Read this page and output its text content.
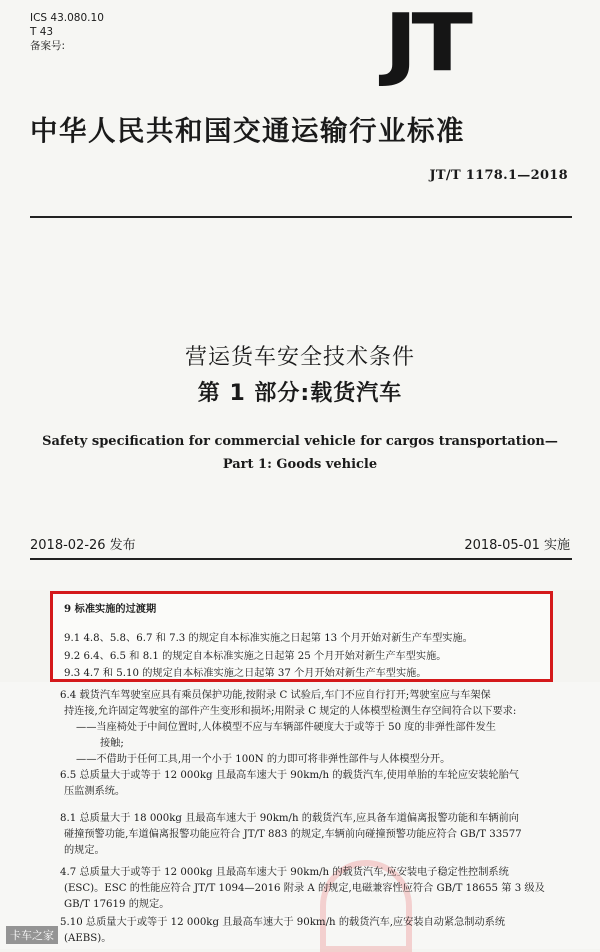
ICS 43.080.10
T 43
备案号:	JT
中华人民共和国交通运输行业标准
JT/T 1178.1—2018
营运货车安全技术条件
第 1 部分:载货汽车
Safety specification for commercial vehicle for cargos transportation—
Part 1: Goods vehicle
2018-02-26 发布	2018-05-01 实施
9 标准实施的过渡期
9.1 4.8、5.8、6.7 和 7.3 的规定自本标准实施之日起第 13 个月开始对新生产车型实施。
9.2 6.4、6.5 和 8.1 的规定自本标准实施之日起第 25 个月开始对新生产车型实施。
9.3 4.7 和 5.10 的规定自本标准实施之日起第 37 个月开始对新生产车型实施。
6.4 载货汽车驾驶室应具有乘员保护功能,按附录 C 试验后,车门不应自行打开;驾驶室应与车架保
持连接,允许固定驾驶室的部件产生变形和损坏;用附录 C 规定的人体模型检测生存空间符合以下要求:
——当座椅处于中间位置时,人体模型不应与车辆部件硬度大于或等于 50 度的非弹性部件发生
接触;
——不借助于任何工具,用一个小于 100N 的力即可将非弹性部件与人体模型分开。
6.5 总质量大于或等于 12 000kg 且最高车速大于 90km/h 的载货汽车,使用单胎的车轮应安装轮胎气
压监测系统。
8.1 总质量大于 18 000kg 且最高车速大于 90km/h 的载货汽车,应具备车道偏离报警功能和车辆前向
碰撞预警功能,车道偏离报警功能应符合 JT/T 883 的规定,车辆前向碰撞预警功能应符合 GB/T 33577
的规定。
4.7 总质量大于或等于 12 000kg 且最高车速大于 90km/h 的载货汽车,应安装电子稳定性控制系统
(ESC)。ESC 的性能应符合 JT/T 1094—2016 附录 A 的规定,电磁兼容性应符合 GB/T 18655 第 3 级及
GB/T 17619 的规定。
5.10 总质量大于或等于 12 000kg 且最高车速大于 90km/h 的载货汽车,应安装自动紧急制动系统
(AEBS)。
卡车之家
